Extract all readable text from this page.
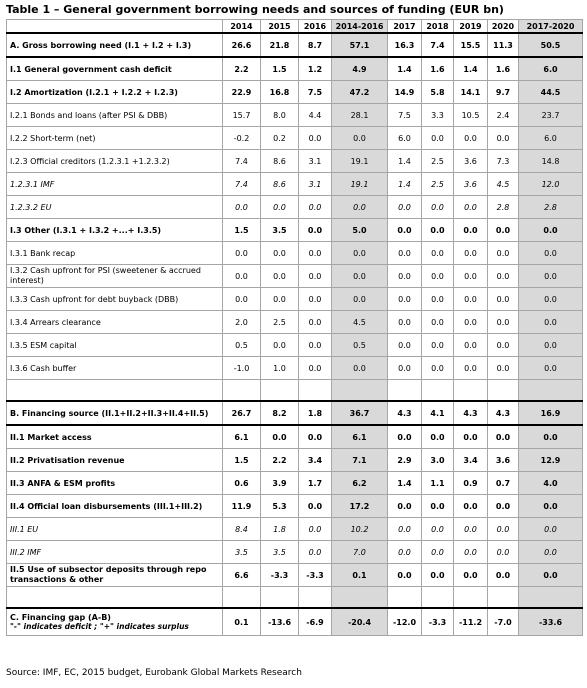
Table 1 – General government borrowing needs and sources of funding (EUR bn)
	2014	2015	2016	2014-2016	2017	2018	2019	2020	2017-2020
A. Gross borrowing need (I.1 + I.2 + I.3)	26.6	21.8	8.7	57.1	16.3	7.4	15.5	11.3	50.5
I.1 General government cash deficit	2.2	1.5	1.2	4.9	1.4	1.6	1.4	1.6	6.0
I.2 Amortization (I.2.1 + I.2.2 + I.2.3)	22.9	16.8	7.5	47.2	14.9	5.8	14.1	9.7	44.5
I.2.1 Bonds and loans (after PSI & DBB)	15.7	8.0	4.4	28.1	7.5	3.3	10.5	2.4	23.7
I.2.2 Short-term (net)	-0.2	0.2	0.0	0.0	6.0	0.0	0.0	0.0	6.0
I.2.3 Official creditors (1.2.3.1 +1.2.3.2)	7.4	8.6	3.1	19.1	1.4	2.5	3.6	7.3	14.8
1.2.3.1 IMF	7.4	8.6	3.1	19.1	1.4	2.5	3.6	4.5	12.0
1.2.3.2 EU	0.0	0.0	0.0	0.0	0.0	0.0	0.0	2.8	2.8
I.3 Other (I.3.1 + I.3.2 +...+ I.3.5)	1.5	3.5	0.0	5.0	0.0	0.0	0.0	0.0	0.0
I.3.1 Bank recap	0.0	0.0	0.0	0.0	0.0	0.0	0.0	0.0	0.0
I.3.2 Cash upfront for PSI (sweetener & accrued interest)	0.0	0.0	0.0	0.0	0.0	0.0	0.0	0.0	0.0
I.3.3 Cash upfront for debt buyback (DBB)	0.0	0.0	0.0	0.0	0.0	0.0	0.0	0.0	0.0
I.3.4 Arrears clearance	2.0	2.5	0.0	4.5	0.0	0.0	0.0	0.0	0.0
I.3.5 ESM capital	0.5	0.0	0.0	0.5	0.0	0.0	0.0	0.0	0.0
I.3.6 Cash buffer	-1.0	1.0	0.0	0.0	0.0	0.0	0.0	0.0	0.0

B. Financing source (II.1+II.2+II.3+II.4+II.5)	26.7	8.2	1.8	36.7	4.3	4.1	4.3	4.3	16.9
II.1 Market access	6.1	0.0	0.0	6.1	0.0	0.0	0.0	0.0	0.0
II.2 Privatisation revenue	1.5	2.2	3.4	7.1	2.9	3.0	3.4	3.6	12.9
II.3 ANFA & ESM profits	0.6	3.9	1.7	6.2	1.4	1.1	0.9	0.7	4.0
II.4 Official loan disbursements (III.1+III.2)	11.9	5.3	0.0	17.2	0.0	0.0	0.0	0.0	0.0
III.1 EU	8.4	1.8	0.0	10.2	0.0	0.0	0.0	0.0	0.0
III.2 IMF	3.5	3.5	0.0	7.0	0.0	0.0	0.0	0.0	0.0
II.5 Use of subsector deposits through repo transactions & other	6.6	-3.3	-3.3	0.1	0.0	0.0	0.0	0.0	0.0

C. Financing gap (A-B)
"-" indicates deficit ; "+" indicates surplus	0.1	-13.6	-6.9	-20.4	-12.0	-3.3	-11.2	-7.0	-33.6
Source: IMF, EC, 2015 budget, Eurobank Global Markets Research
